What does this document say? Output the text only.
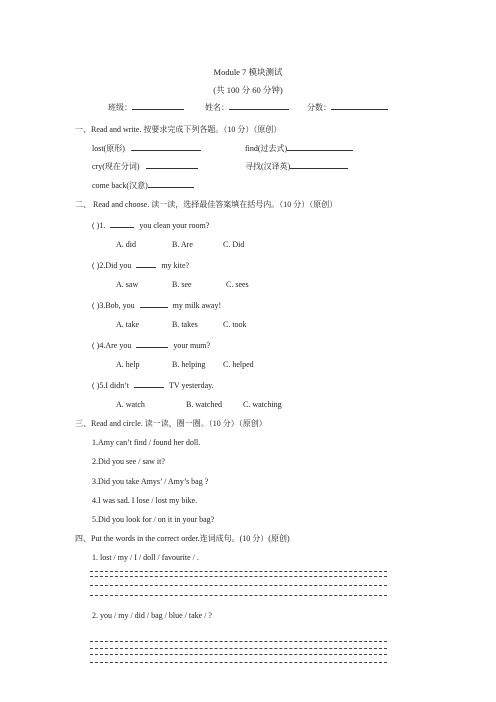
Module 7 模块测试
(共 100 分 60 分钟)
班级：	姓名：	分数：
一、Read and write. 按要求完成下列各题。（10 分）（原创）
lost(原形)	find(过去式)
cry(现在分词)	寻找(汉译英)
come back(汉意)
二、 Read and choose. 读一读，选择最佳答案填在括号内。（10 分）（原创）
( )1.	you clean your room?
A. did	B. Are	C. Did
( )2.Did you	my kite?
A. saw	B. see	C. sees
( )3.Bob, you	my milk away!
A. take	B. takes	C. took
( )4.Are you	your mum?
A. help	B. helping C. helped
( )5.I didn’t	TV yesterday.
A. watch	B. watched	C. watching
三、Read and circle. 读一读，圈一圈。（10 分）（原创）
1.Amy can’t find / found her doll.
2.Did you see / saw it?
3.Did you take Amys’ / Amy’s bag ?
4.I was sad. I lose / lost my bike.
5.Did you look for / on it in your bag?
四、Put the words in the correct order.连词成句。(10 分）(原创)
1. lost / my / I / doll / favourite / .
2. you / my / did / bag / blue / take / ?
